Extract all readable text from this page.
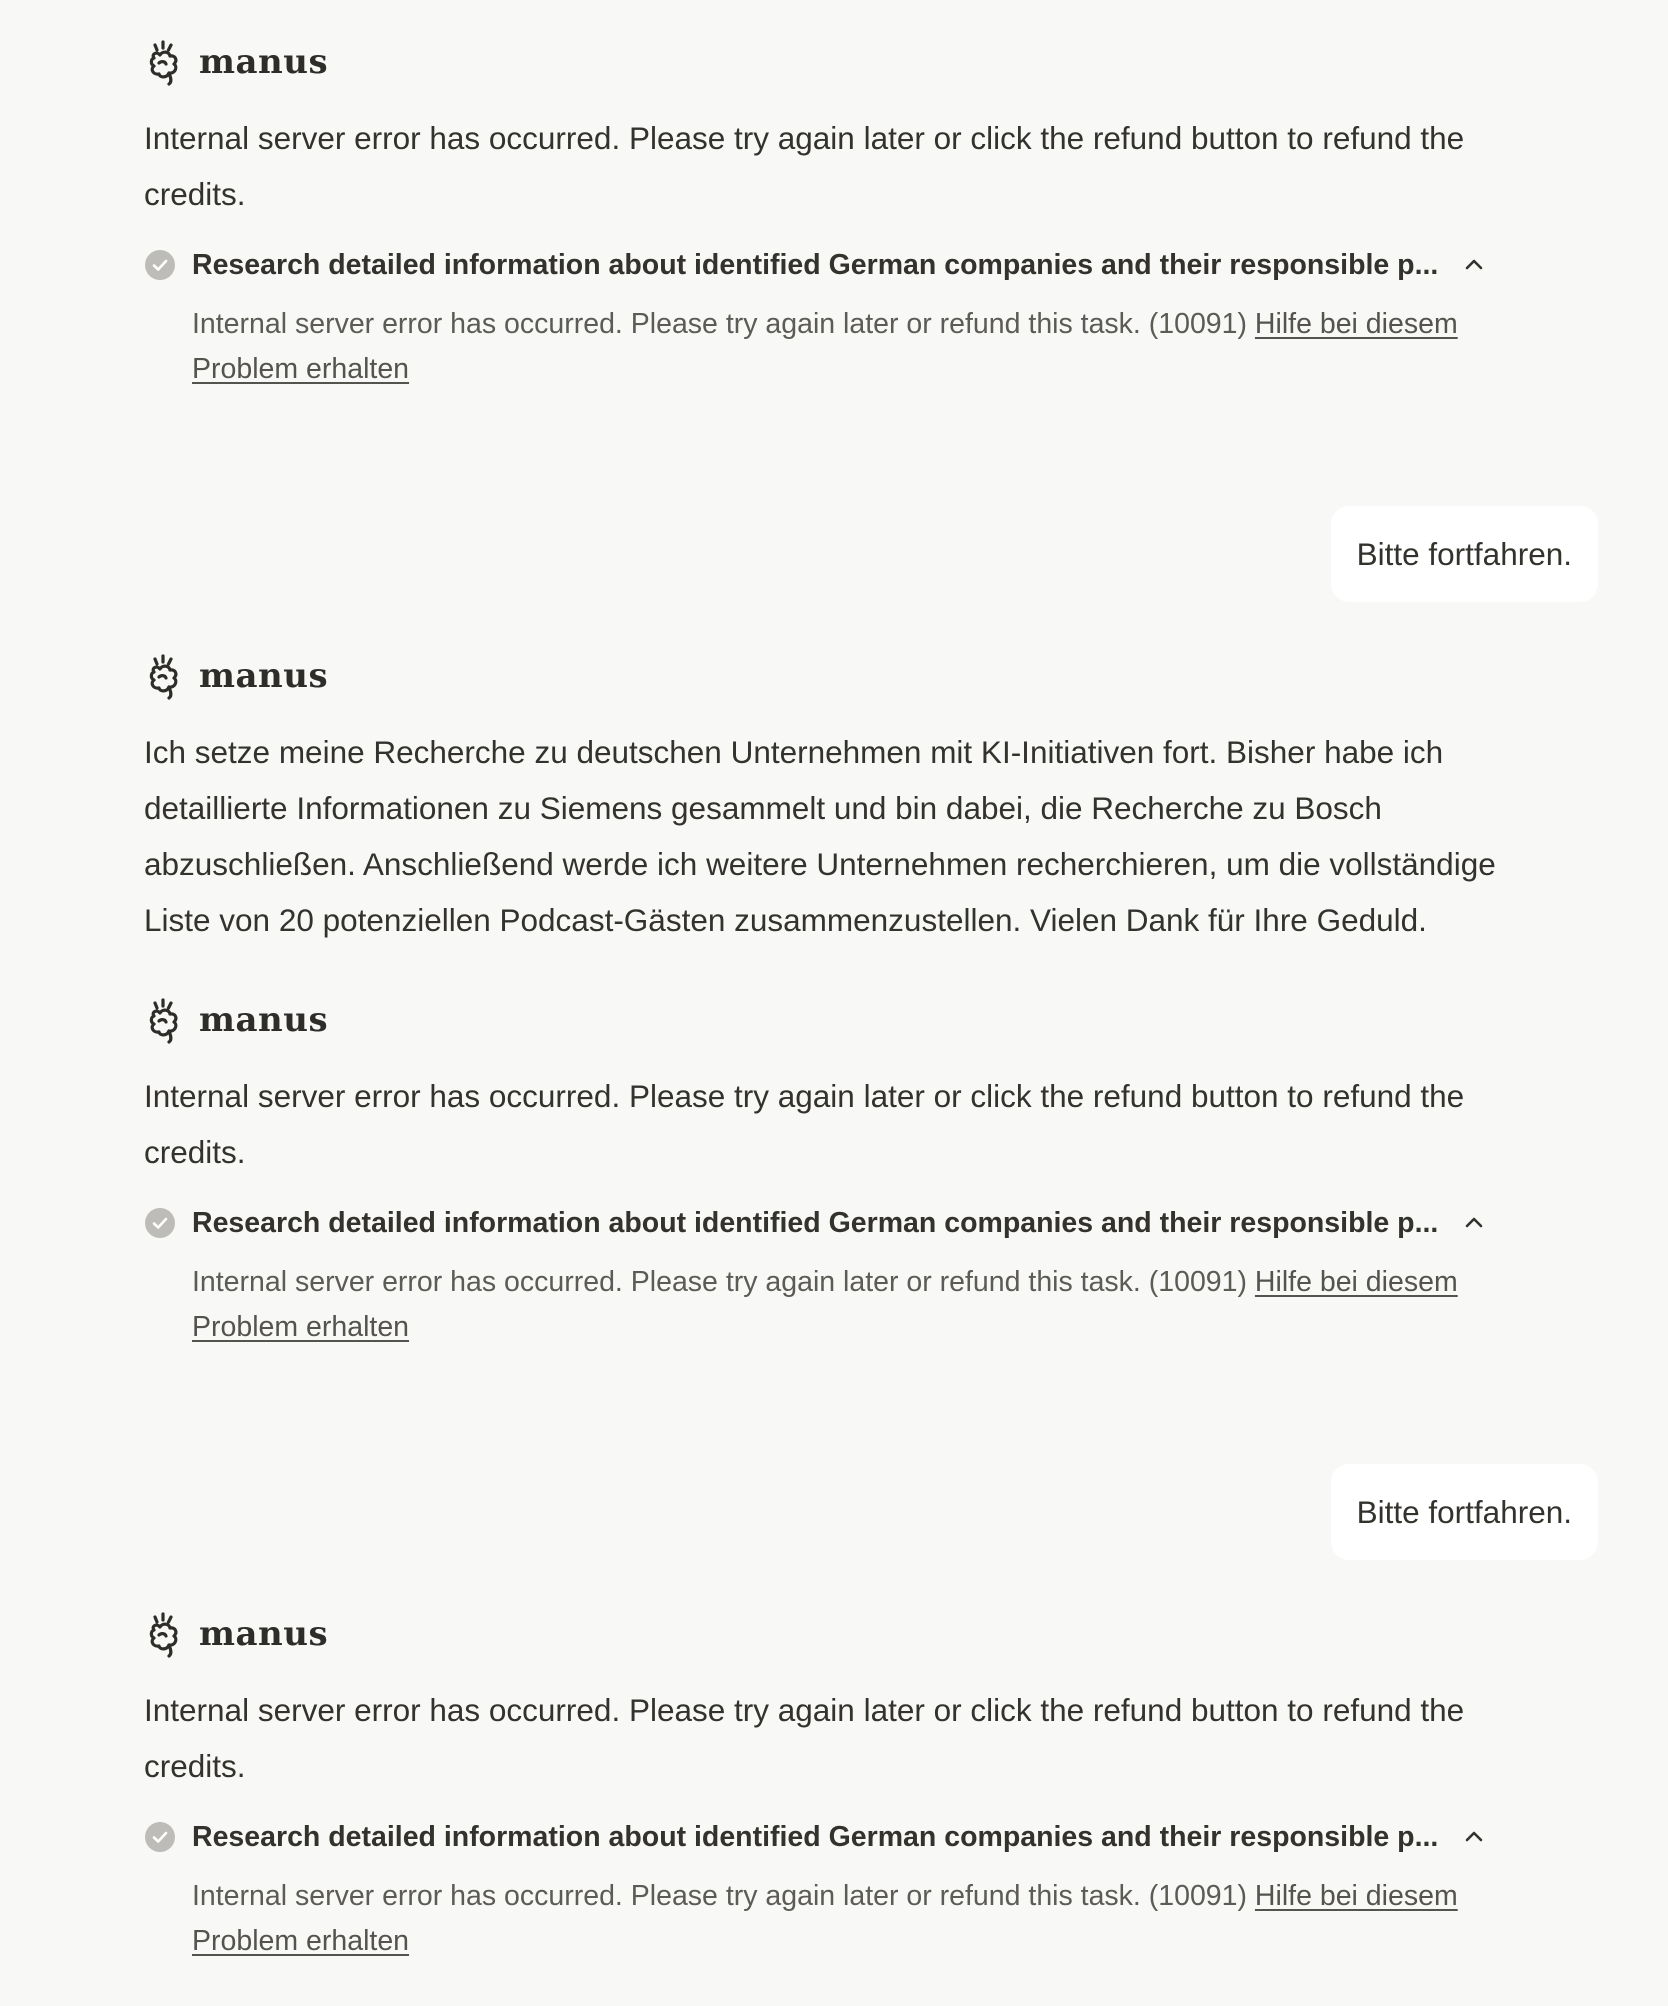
manus
Internal server error has occurred. Please try again later or click the refund button to refund the credits.
Research detailed information about identified German companies and their responsible p...
Internal server error has occurred. Please try again later or refund this task. (10091) Hilfe bei diesem Problem erhalten
Bitte fortfahren.
manus
Ich setze meine Recherche zu deutschen Unternehmen mit KI-Initiativen fort. Bisher habe ich detaillierte Informationen zu Siemens gesammelt und bin dabei, die Recherche zu Bosch abzuschließen. Anschließend werde ich weitere Unternehmen recherchieren, um die vollständige Liste von 20 potenziellen Podcast-Gästen zusammenzustellen. Vielen Dank für Ihre Geduld.
manus
Internal server error has occurred. Please try again later or click the refund button to refund the credits.
Research detailed information about identified German companies and their responsible p...
Internal server error has occurred. Please try again later or refund this task. (10091) Hilfe bei diesem Problem erhalten
Bitte fortfahren.
manus
Internal server error has occurred. Please try again later or click the refund button to refund the credits.
Research detailed information about identified German companies and their responsible p...
Internal server error has occurred. Please try again later or refund this task. (10091) Hilfe bei diesem Problem erhalten
